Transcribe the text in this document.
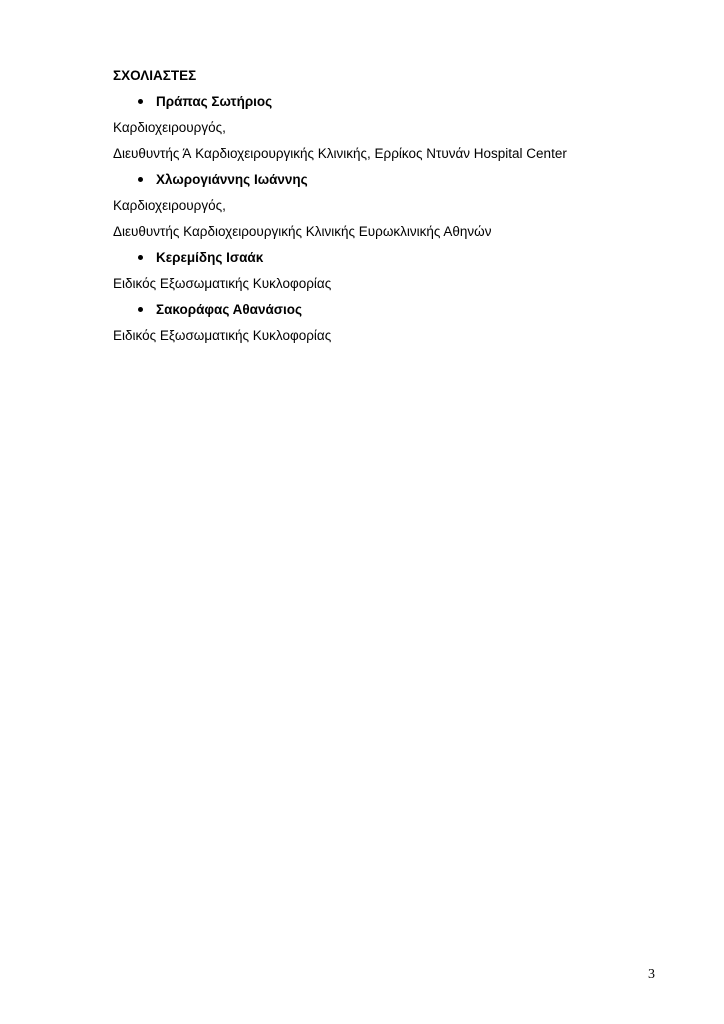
ΣΧΟΛΙΑΣΤΕΣ
Πράπας Σωτήριος
Καρδιοχειρουργός,
Διευθυντής Ά Καρδιοχειρουργικής Κλινικής, Ερρίκος Ντυνάν Hospital Center
Χλωρογιάννης Ιωάννης
Καρδιοχειρουργός,
Διευθυντής Καρδιοχειρουργικής Κλινικής Ευρωκλινικής Αθηνών
Κερεμίδης Ισαάκ
Ειδικός Εξωσωματικής Κυκλοφορίας
Σακοράφας Αθανάσιος
Ειδικός Εξωσωματικής Κυκλοφορίας
3
